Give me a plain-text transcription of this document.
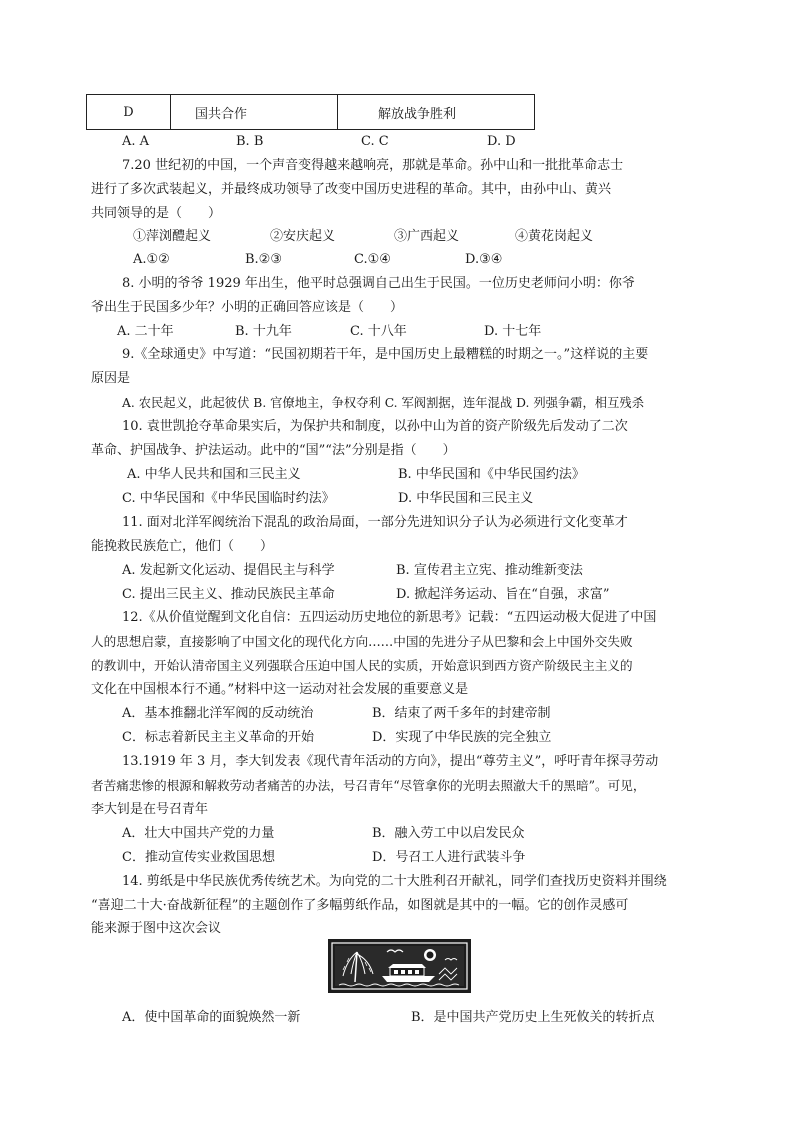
D	国共合作	解放战争胜利
A. A	B. B	C. C	D. D
7.20 世纪初的中国，一个声音变得越来越响亮，那就是革命。孙中山和一批批革命志士
进行了多次武装起义，并最终成功领导了改变中国历史进程的革命。其中，由孙中山、黄兴
共同领导的是（　　）
①萍浏醴起义	②安庆起义	③广西起义	④黄花岗起义
A.①②	B.②③	C.①④	D.③④
8. 小明的爷爷 1929 年出生，他平时总强调自己出生于民国。一位历史老师问小明：你爷
爷出生于民国多少年？小明的正确回答应该是（　　）
A. 二十年	B. 十九年	C. 十八年	D. 十七年
9.《全球通史》中写道：“民国初期若干年，是中国历史上最糟糕的时期之一。”这样说的主要
原因是
A. 农民起义，此起彼伏 B. 官僚地主，争权夺利 C. 军阀割据，连年混战 D. 列强争霸，相互残杀
10. 袁世凯抢夺革命果实后，为保护共和制度，以孙中山为首的资产阶级先后发动了二次
革命、护国战争、护法运动。此中的“国”“法”分别是指（　　）
A. 中华人民共和国和三民主义	B. 中华民国和《中华民国约法》
C. 中华民国和《中华民国临时约法》	D. 中华民国和三民主义
11. 面对北洋军阀统治下混乱的政治局面，一部分先进知识分子认为必须进行文化变革才
能挽救民族危亡，他们（　　）
A. 发起新文化运动、提倡民主与科学	B. 宣传君主立宪、推动维新变法
C. 提出三民主义、推动民族民主革命	D. 掀起洋务运动、旨在“自强，求富”
12.《从价值觉醒到文化自信：五四运动历史地位的新思考》记载：“五四运动极大促进了中国
人的思想启蒙，直接影响了中国文化的现代化方向……中国的先进分子从巴黎和会上中国外交失败
的教训中，开始认清帝国主义列强联合压迫中国人民的实质，开始意识到西方资产阶级民主主义的
文化在中国根本行不通。”材料中这一运动对社会发展的重要意义是
A．基本推翻北洋军阀的反动统治	B．结束了两千多年的封建帝制
C．标志着新民主主义革命的开始	D．实现了中华民族的完全独立
13.1919 年 3 月，李大钊发表《现代青年活动的方向》，提出“尊劳主义”，呼吁青年探寻劳动
者苦痛悲惨的根源和解救劳动者痛苦的办法，号召青年“尽管拿你的光明去照澈大千的黑暗”。可见，
李大钊是在号召青年
A．壮大中国共产党的力量	B．融入劳工中以启发民众
C．推动宣传实业救国思想	D．号召工人进行武装斗争
14. 剪纸是中华民族优秀传统艺术。为向党的二十大胜利召开献礼，同学们查找历史资料并围绕
“喜迎二十大·奋战新征程”的主题创作了多幅剪纸作品，如图就是其中的一幅。它的创作灵感可
能来源于图中这次会议
A．使中国革命的面貌焕然一新	B．是中国共产党历史上生死攸关的转折点
